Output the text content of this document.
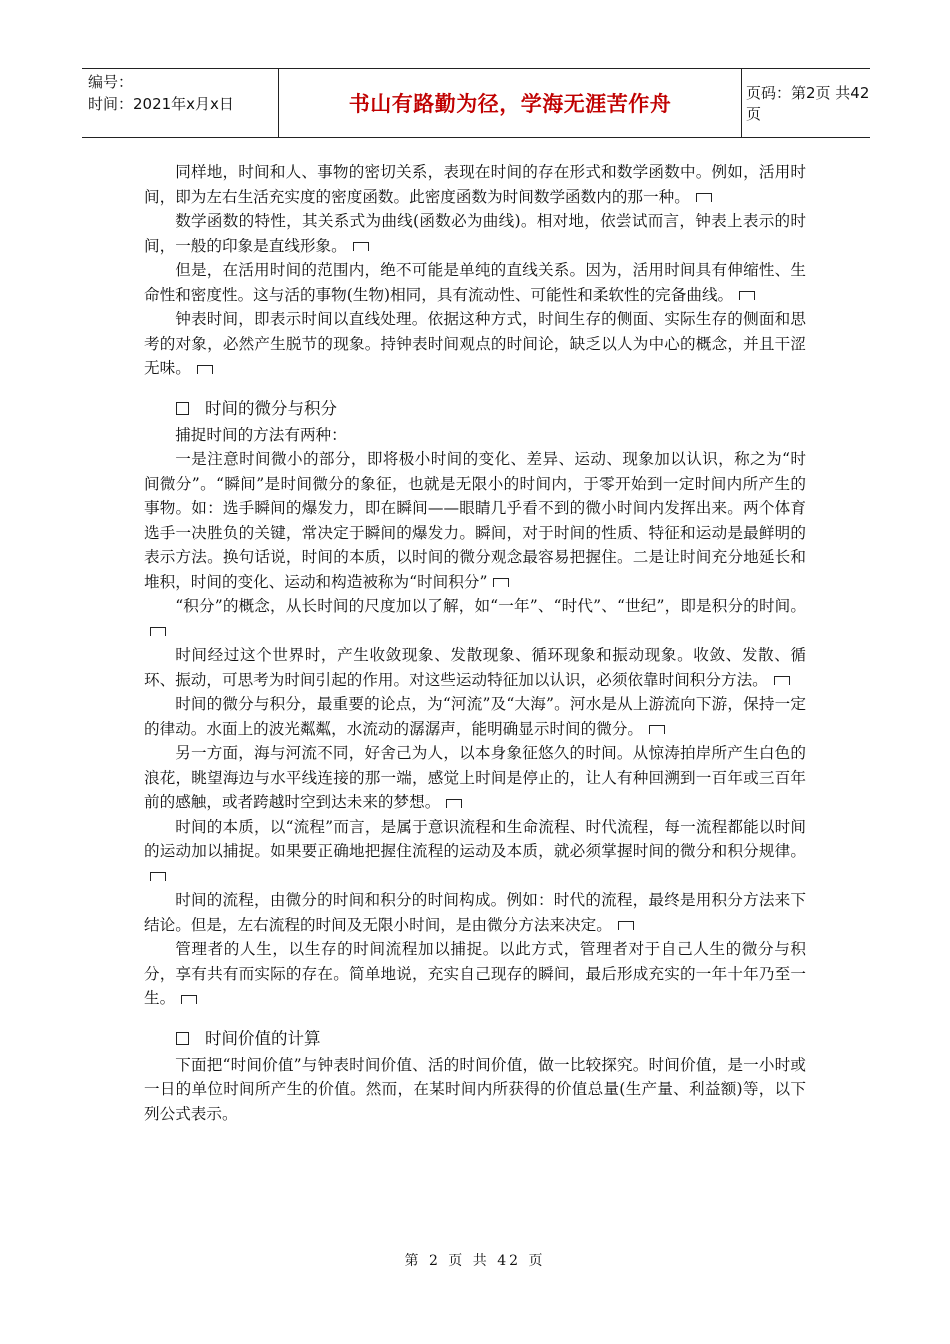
编号：
时间：2021年x月x日	书山有路勤为径，学海无涯苦作舟	页码：第2页 共42页

同样地，时间和人、事物的密切关系，表现在时间的存在形式和数学函数中。例如，活用时间，即为左右生活充实度的密度函数。此密度函数为时间数学函数内的那一种。

数学函数的特性，其关系式为曲线(函数必为曲线)。相对地，依尝试而言，钟表上表示的时间，一般的印象是直线形象。

但是，在活用时间的范围内，绝不可能是单纯的直线关系。因为，活用时间具有伸缩性、生命性和密度性。这与活的事物(生物)相同，具有流动性、可能性和柔软性的完备曲线。

钟表时间，即表示时间以直线处理。依据这种方式，时间生存的侧面、实际生存的侧面和思考的对象，必然产生脱节的现象。持钟表时间观点的时间论，缺乏以人为中心的概念，并且干涩无味。

时间的微分与积分

捕捉时间的方法有两种：

一是注意时间微小的部分，即将极小时间的变化、差异、运动、现象加以认识，称之为“时间微分”。“瞬间”是时间微分的象征，也就是无限小的时间内，于零开始到一定时间内所产生的事物。如：选手瞬间的爆发力，即在瞬间——眼睛几乎看不到的微小时间内发挥出来。两个体育选手一决胜负的关键，常决定于瞬间的爆发力。瞬间，对于时间的性质、特征和运动是最鲜明的表示方法。换句话说，时间的本质，以时间的微分观念最容易把握住。二是让时间充分地延长和堆积，时间的变化、运动和构造被称为“时间积分”

“积分”的概念，从长时间的尺度加以了解，如“一年”、“时代”、“世纪”，即是积分的时间。

时间经过这个世界时，产生收敛现象、发散现象、循环现象和振动现象。收敛、发散、循环、振动，可思考为时间引起的作用。对这些运动特征加以认识，必须依靠时间积分方法。

时间的微分与积分，最重要的论点，为“河流”及“大海”。河水是从上游流向下游，保持一定的律动。水面上的波光粼粼，水流动的潺潺声，能明确显示时间的微分。

另一方面，海与河流不同，好舍己为人，以本身象征悠久的时间。从惊涛拍岸所产生白色的浪花，眺望海边与水平线连接的那一端，感觉上时间是停止的，让人有种回溯到一百年或三百年前的感触，或者跨越时空到达未来的梦想。

时间的本质，以“流程”而言，是属于意识流程和生命流程、时代流程，每一流程都能以时间的运动加以捕捉。如果要正确地把握住流程的运动及本质，就必须掌握时间的微分和积分规律。

时间的流程，由微分的时间和积分的时间构成。例如：时代的流程，最终是用积分方法来下结论。但是，左右流程的时间及无限小时间，是由微分方法来决定。

管理者的人生，以生存的时间流程加以捕捉。以此方式，管理者对于自己人生的微分与积分，享有共有而实际的存在。简单地说，充实自己现存的瞬间，最后形成充实的一年十年乃至一生。

时间价值的计算

下面把“时间价值”与钟表时间价值、活的时间价值，做一比较探究。时间价值，是一小时或一日的单位时间所产生的价值。然而，在某时间内所获得的价值总量(生产量、利益额)等，以下列公式表示。

第 2 页 共 42 页
